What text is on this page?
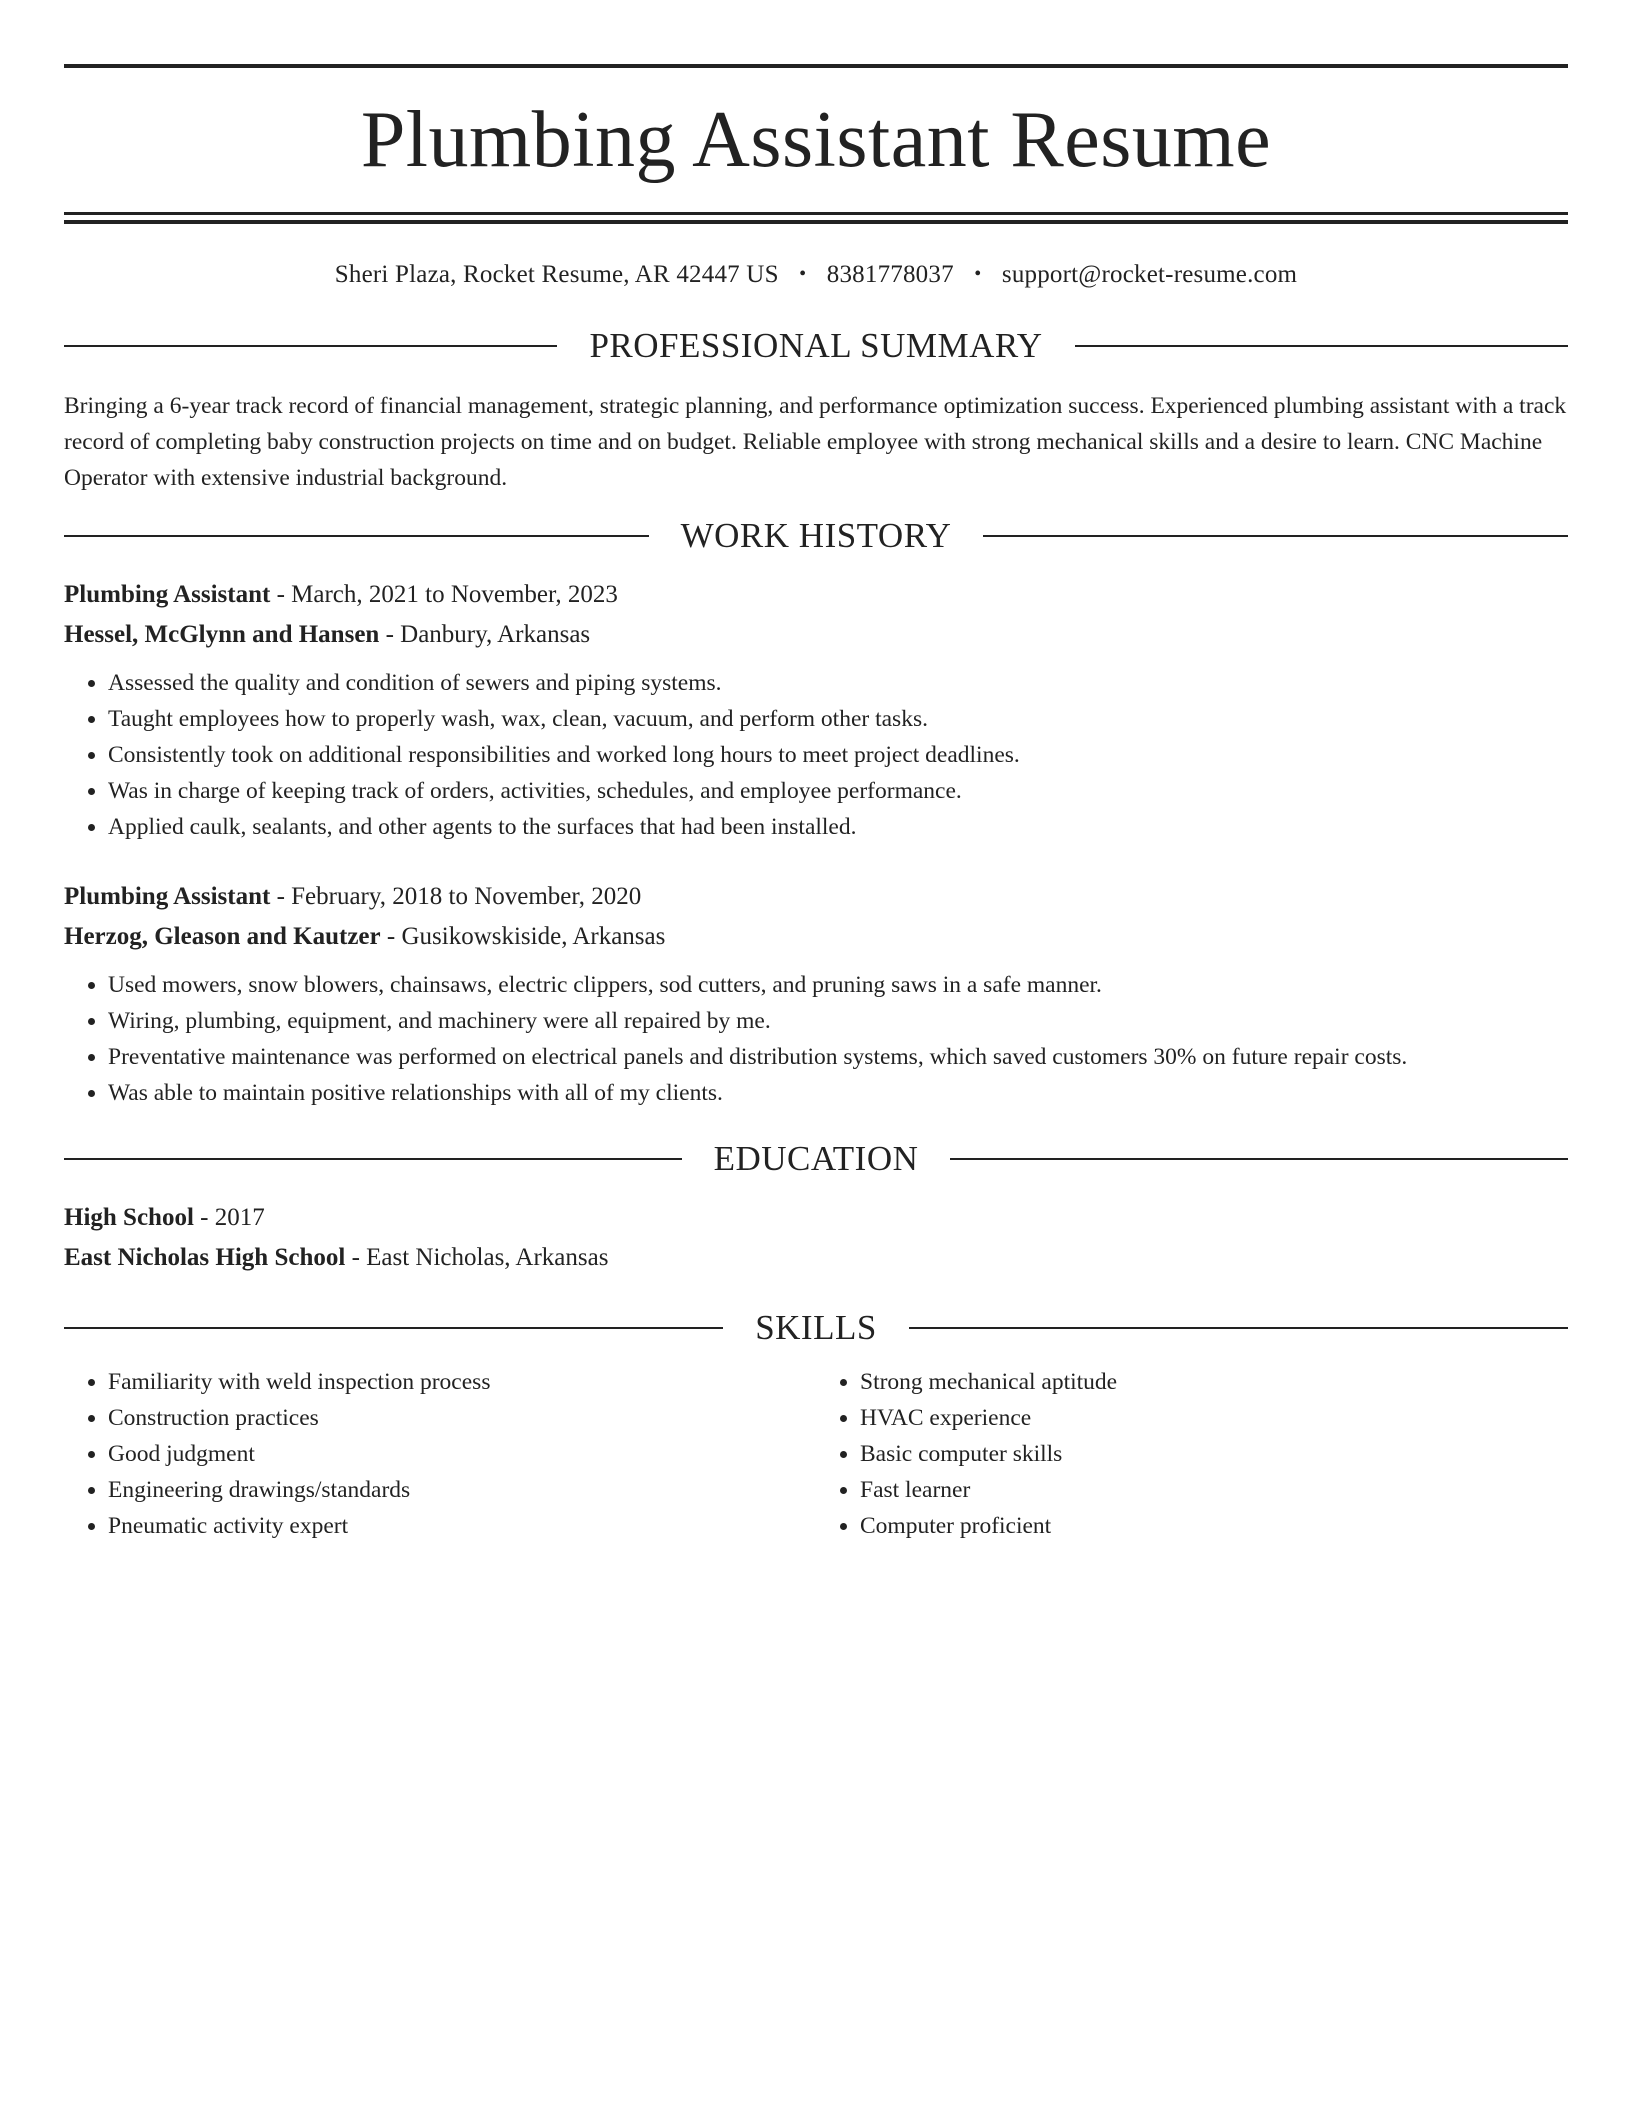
Plumbing Assistant Resume
Sheri Plaza, Rocket Resume, AR 42447 US • 8381778037 • support@rocket-resume.com
PROFESSIONAL SUMMARY

Bringing a 6-year track record of financial management, strategic planning, and performance optimization success. Experienced plumbing assistant with a track record of completing baby construction projects on time and on budget. Reliable employee with strong mechanical skills and a desire to learn. CNC Machine Operator with extensive industrial background.

WORK HISTORY
Plumbing Assistant - March, 2021 to November, 2023
Hessel, McGlynn and Hansen - Danbury, Arkansas
• Assessed the quality and condition of sewers and piping systems.
• Taught employees how to properly wash, wax, clean, vacuum, and perform other tasks.
• Consistently took on additional responsibilities and worked long hours to meet project deadlines.
• Was in charge of keeping track of orders, activities, schedules, and employee performance.
• Applied caulk, sealants, and other agents to the surfaces that had been installed.
Plumbing Assistant - February, 2018 to November, 2020
Herzog, Gleason and Kautzer - Gusikowskiside, Arkansas
• Used mowers, snow blowers, chainsaws, electric clippers, sod cutters, and pruning saws in a safe manner.
• Wiring, plumbing, equipment, and machinery were all repaired by me.
• Preventative maintenance was performed on electrical panels and distribution systems, which saved customers 30% on future repair costs.
• Was able to maintain positive relationships with all of my clients.
EDUCATION
High School - 2017
East Nicholas High School - East Nicholas, Arkansas
SKILLS
• Familiarity with weld inspection process
• Construction practices
• Good judgment
• Engineering drawings/standards
• Pneumatic activity expert
• Strong mechanical aptitude
• HVAC experience
• Basic computer skills
• Fast learner
• Computer proficient
